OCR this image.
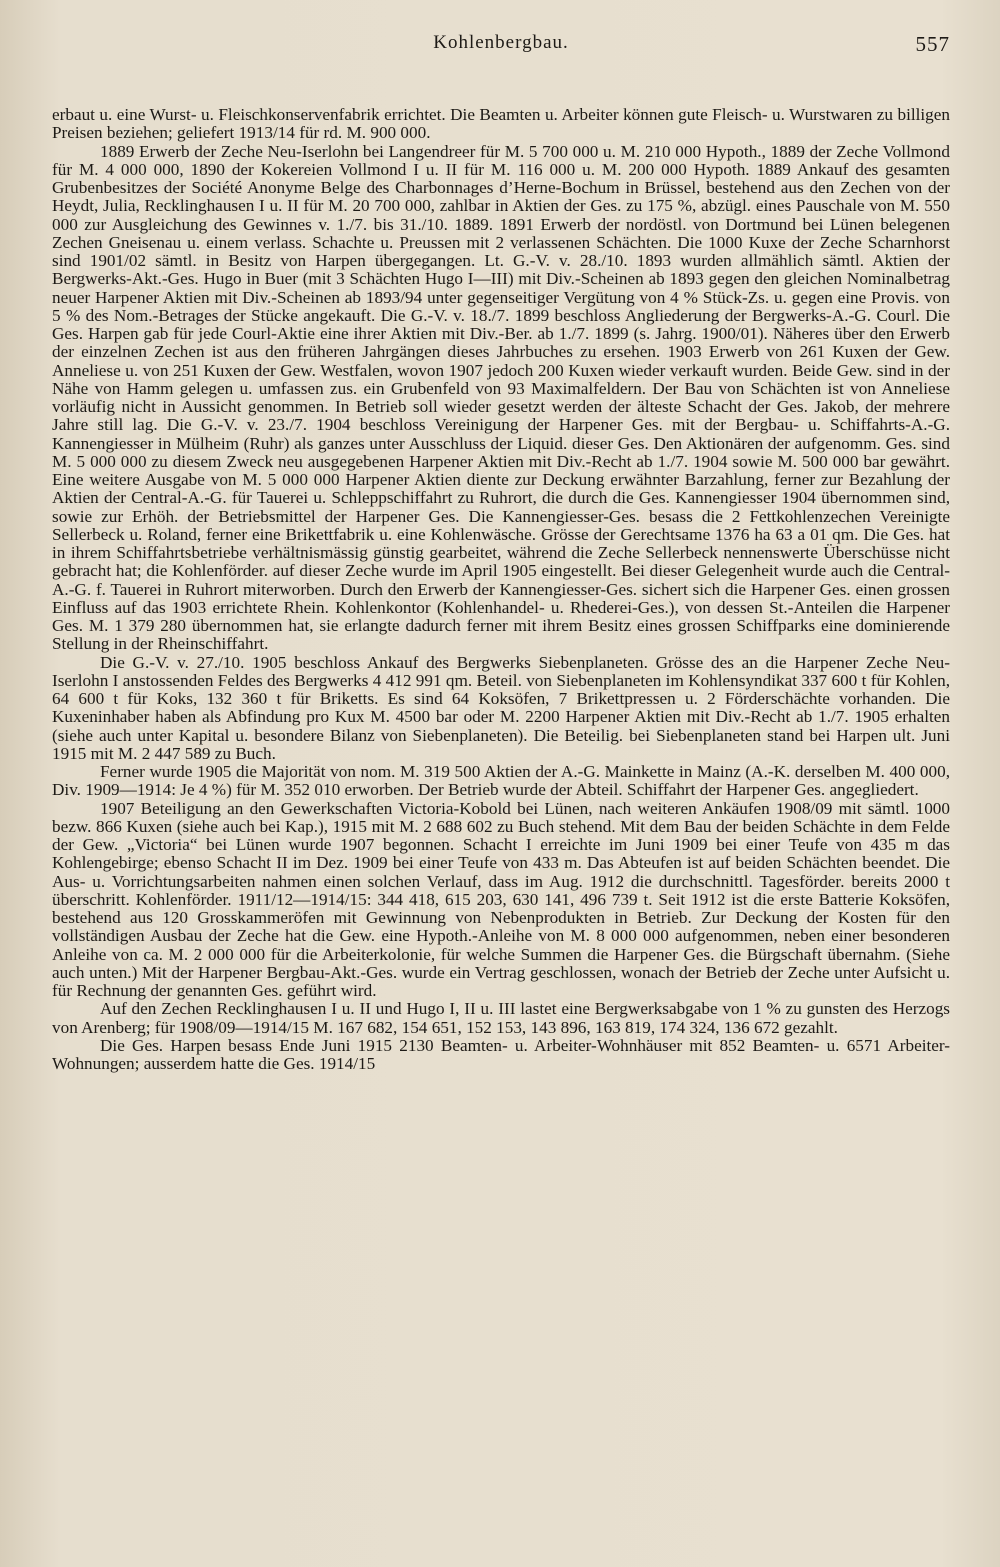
Kohlenbergbau.	557

erbaut u. eine Wurst- u. Fleischkonservenfabrik errichtet. Die Beamten u. Arbeiter können gute Fleisch- u. Wurstwaren zu billigen Preisen beziehen; geliefert 1913/14 für rd. M. 900 000.

1889 Erwerb der Zeche Neu-Iserlohn bei Langendreer für M. 5 700 000 u. M. 210 000 Hypoth., 1889 der Zeche Vollmond für M. 4 000 000, 1890 der Kokereien Vollmond I u. II für M. 116 000 u. M. 200 000 Hypoth. 1889 Ankauf des gesamten Grubenbesitzes der Société Anonyme Belge des Charbonnages d’Herne-Bochum in Brüssel, bestehend aus den Zechen von der Heydt, Julia, Recklinghausen I u. II für M. 20 700 000, zahlbar in Aktien der Ges. zu 175 %, abzügl. eines Pauschale von M. 550 000 zur Ausgleichung des Gewinnes v. 1./7. bis 31./10. 1889. 1891 Erwerb der nordöstl. von Dortmund bei Lünen belegenen Zechen Gneisenau u. einem verlass. Schachte u. Preussen mit 2 verlassenen Schächten. Die 1000 Kuxe der Zeche Scharnhorst sind 1901/02 sämtl. in Besitz von Harpen übergegangen. Lt. G.-V. v. 28./10. 1893 wurden allmählich sämtl. Aktien der Bergwerks-Akt.-Ges. Hugo in Buer (mit 3 Schächten Hugo I—III) mit Div.-Scheinen ab 1893 gegen den gleichen Nominalbetrag neuer Harpener Aktien mit Div.-Scheinen ab 1893/94 unter gegenseitiger Vergütung von 4 % Stück-Zs. u. gegen eine Provis. von 5 % des Nom.-Betrages der Stücke angekauft. Die G.-V. v. 18./7. 1899 beschloss Angliederung der Bergwerks-A.-G. Courl. Die Ges. Harpen gab für jede Courl-Aktie eine ihrer Aktien mit Div.-Ber. ab 1./7. 1899 (s. Jahrg. 1900/01). Näheres über den Erwerb der einzelnen Zechen ist aus den früheren Jahrgängen dieses Jahrbuches zu ersehen. 1903 Erwerb von 261 Kuxen der Gew. Anneliese u. von 251 Kuxen der Gew. Westfalen, wovon 1907 jedoch 200 Kuxen wieder verkauft wurden. Beide Gew. sind in der Nähe von Hamm gelegen u. umfassen zus. ein Grubenfeld von 93 Maximalfeldern. Der Bau von Schächten ist von Anneliese vorläufig nicht in Aussicht genommen. In Betrieb soll wieder gesetzt werden der älteste Schacht der Ges. Jakob, der mehrere Jahre still lag. Die G.-V. v. 23./7. 1904 beschloss Vereinigung der Harpener Ges. mit der Bergbau- u. Schiffahrts-A.-G. Kannengiesser in Mülheim (Ruhr) als ganzes unter Ausschluss der Liquid. dieser Ges. Den Aktionären der aufgenomm. Ges. sind M. 5 000 000 zu diesem Zweck neu ausgegebenen Harpener Aktien mit Div.-Recht ab 1./7. 1904 sowie M. 500 000 bar gewährt. Eine weitere Ausgabe von M. 5 000 000 Harpener Aktien diente zur Deckung erwähnter Barzahlung, ferner zur Bezahlung der Aktien der Central-A.-G. für Tauerei u. Schleppschiffahrt zu Ruhrort, die durch die Ges. Kannengiesser 1904 übernommen sind, sowie zur Erhöh. der Betriebsmittel der Harpener Ges. Die Kannengiesser-Ges. besass die 2 Fettkohlenzechen Vereinigte Sellerbeck u. Roland, ferner eine Brikettfabrik u. eine Kohlenwäsche. Grösse der Gerechtsame 1376 ha 63 a 01 qm. Die Ges. hat in ihrem Schiffahrtsbetriebe verhältnismässig günstig gearbeitet, während die Zeche Sellerbeck nennenswerte Überschüsse nicht gebracht hat; die Kohlenförder. auf dieser Zeche wurde im April 1905 eingestellt. Bei dieser Gelegenheit wurde auch die Central-A.-G. f. Tauerei in Ruhrort miterworben. Durch den Erwerb der Kannengiesser-Ges. sichert sich die Harpener Ges. einen grossen Einfluss auf das 1903 errichtete Rhein. Kohlenkontor (Kohlenhandel- u. Rhederei-Ges.), von dessen St.-Anteilen die Harpener Ges. M. 1 379 280 übernommen hat, sie erlangte dadurch ferner mit ihrem Besitz eines grossen Schiffparks eine dominierende Stellung in der Rheinschiffahrt.

Die G.-V. v. 27./10. 1905 beschloss Ankauf des Bergwerks Siebenplaneten. Grösse des an die Harpener Zeche Neu-Iserlohn I anstossenden Feldes des Bergwerks 4 412 991 qm. Beteil. von Siebenplaneten im Kohlensyndikat 337 600 t für Kohlen, 64 600 t für Koks, 132 360 t für Briketts. Es sind 64 Koksöfen, 7 Brikettpressen u. 2 Förderschächte vorhanden. Die Kuxeninhaber haben als Abfindung pro Kux M. 4500 bar oder M. 2200 Harpener Aktien mit Div.-Recht ab 1./7. 1905 erhalten (siehe auch unter Kapital u. besondere Bilanz von Siebenplaneten). Die Beteilig. bei Siebenplaneten stand bei Harpen ult. Juni 1915 mit M. 2 447 589 zu Buch.

Ferner wurde 1905 die Majorität von nom. M. 319 500 Aktien der A.-G. Mainkette in Mainz (A.-K. derselben M. 400 000, Div. 1909—1914: Je 4 %) für M. 352 010 erworben. Der Betrieb wurde der Abteil. Schiffahrt der Harpener Ges. angegliedert.

1907 Beteiligung an den Gewerkschaften Victoria-Kobold bei Lünen, nach weiteren Ankäufen 1908/09 mit sämtl. 1000 bezw. 866 Kuxen (siehe auch bei Kap.), 1915 mit M. 2 688 602 zu Buch stehend. Mit dem Bau der beiden Schächte in dem Felde der Gew. „Victoria“ bei Lünen wurde 1907 begonnen. Schacht I erreichte im Juni 1909 bei einer Teufe von 435 m das Kohlengebirge; ebenso Schacht II im Dez. 1909 bei einer Teufe von 433 m. Das Abteufen ist auf beiden Schächten beendet. Die Aus- u. Vorrichtungsarbeiten nahmen einen solchen Verlauf, dass im Aug. 1912 die durchschnittl. Tagesförder. bereits 2000 t überschritt. Kohlenförder. 1911/12—1914/15: 344 418, 615 203, 630 141, 496 739 t. Seit 1912 ist die erste Batterie Koksöfen, bestehend aus 120 Grosskammeröfen mit Gewinnung von Nebenprodukten in Betrieb. Zur Deckung der Kosten für den vollständigen Ausbau der Zeche hat die Gew. eine Hypoth.-Anleihe von M. 8 000 000 aufgenommen, neben einer besonderen Anleihe von ca. M. 2 000 000 für die Arbeiterkolonie, für welche Summen die Harpener Ges. die Bürgschaft übernahm. (Siehe auch unten.) Mit der Harpener Bergbau-Akt.-Ges. wurde ein Vertrag geschlossen, wonach der Betrieb der Zeche unter Aufsicht u. für Rechnung der genannten Ges. geführt wird.

Auf den Zechen Recklinghausen I u. II und Hugo I, II u. III lastet eine Bergwerksabgabe von 1 % zu gunsten des Herzogs von Arenberg; für 1908/09—1914/15 M. 167 682, 154 651, 152 153, 143 896, 163 819, 174 324, 136 672 gezahlt.

Die Ges. Harpen besass Ende Juni 1915 2130 Beamten- u. Arbeiter-Wohnhäuser mit 852 Beamten- u. 6571 Arbeiter-Wohnungen; ausserdem hatte die Ges. 1914/15
